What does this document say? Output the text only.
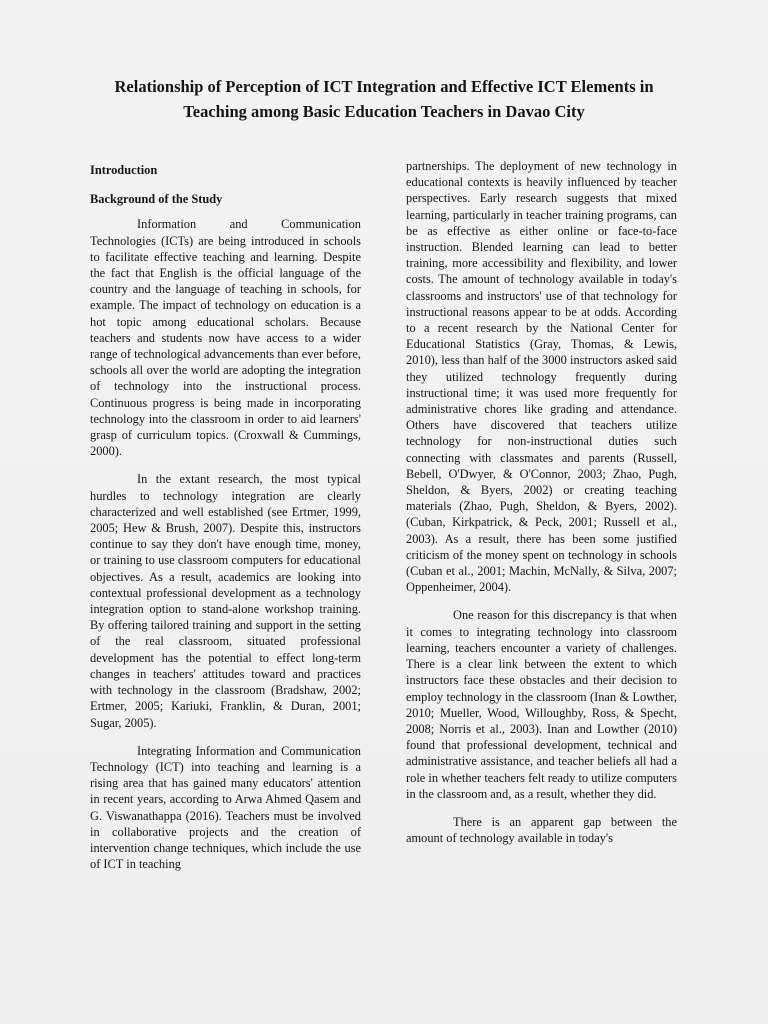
Relationship of Perception of ICT Integration and Effective ICT Elements in
Teaching among Basic Education Teachers in Davao City

Introduction

Background of the Study

Information and Communication Technologies (ICTs) are being introduced in schools to facilitate effective teaching and learning. Despite the fact that English is the official language of the country and the language of teaching in schools, for example. The impact of technology on education is a hot topic among educational scholars. Because teachers and students now have access to a wider range of technological advancements than ever before, schools all over the world are adopting the integration of technology into the instructional process. Continuous progress is being made in incorporating technology into the classroom in order to aid learners' grasp of curriculum topics. (Croxwall & Cummings, 2000).

In the extant research, the most typical hurdles to technology integration are clearly characterized and well established (see Ertmer, 1999, 2005; Hew & Brush, 2007). Despite this, instructors continue to say they don't have enough time, money, or training to use classroom computers for educational objectives. As a result, academics are looking into contextual professional development as a technology integration option to stand-alone workshop training. By offering tailored training and support in the setting of the real classroom, situated professional development has the potential to effect long-term changes in teachers' attitudes toward and practices with technology in the classroom (Bradshaw, 2002; Ertmer, 2005; Kariuki, Franklin, & Duran, 2001; Sugar, 2005).

Integrating Information and Communication Technology (ICT) into teaching and learning is a rising area that has gained many educators' attention in recent years, according to Arwa Ahmed Qasem and G. Viswanathappa (2016). Teachers must be involved in collaborative projects and the creation of intervention change techniques, which include the use of ICT in teaching

partnerships. The deployment of new technology in educational contexts is heavily influenced by teacher perspectives. Early research suggests that mixed learning, particularly in teacher training programs, can be as effective as either online or face-to-face instruction. Blended learning can lead to better training, more accessibility and flexibility, and lower costs. The amount of technology available in today's classrooms and instructors' use of that technology for instructional reasons appear to be at odds. According to a recent research by the National Center for Educational Statistics (Gray, Thomas, & Lewis, 2010), less than half of the 3000 instructors asked said they utilized technology frequently during instructional time; it was used more frequently for administrative chores like grading and attendance. Others have discovered that teachers utilize technology for non-instructional duties such connecting with classmates and parents (Russell, Bebell, O'Dwyer, & O'Connor, 2003; Zhao, Pugh, Sheldon, & Byers, 2002) or creating teaching materials (Zhao, Pugh, Sheldon, & Byers, 2002). (Cuban, Kirkpatrick, & Peck, 2001; Russell et al., 2003). As a result, there has been some justified criticism of the money spent on technology in schools (Cuban et al., 2001; Machin, McNally, & Silva, 2007; Oppenheimer, 2004).

One reason for this discrepancy is that when it comes to integrating technology into classroom learning, teachers encounter a variety of challenges. There is a clear link between the extent to which instructors face these obstacles and their decision to employ technology in the classroom (Inan & Lowther, 2010; Mueller, Wood, Willoughby, Ross, & Specht, 2008; Norris et al., 2003). Inan and Lowther (2010) found that professional development, technical and administrative assistance, and teacher beliefs all had a role in whether teachers felt ready to utilize computers in the classroom and, as a result, whether they did.

There is an apparent gap between the amount of technology available in today's
